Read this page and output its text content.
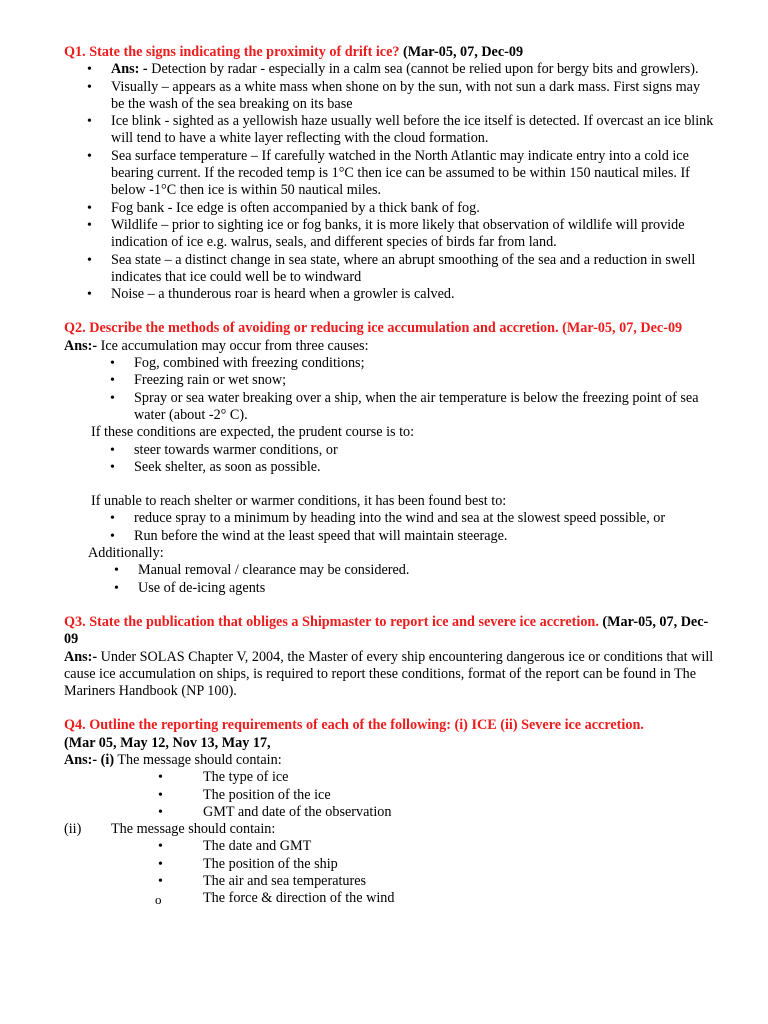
Q1. State the signs indicating the proximity of drift ice? (Mar-05, 07, Dec-09
• Ans: - Detection by radar - especially in a calm sea (cannot be relied upon for bergy bits and growlers).
• Visually – appears as a white mass when shone on by the sun, with not sun a dark mass. First signs may be the wash of the sea breaking on its base
• Ice blink - sighted as a yellowish haze usually well before the ice itself is detected. If overcast an ice blink will tend to have a white layer reflecting with the cloud formation.
• Sea surface temperature – If carefully watched in the North Atlantic may indicate entry into a cold ice bearing current. If the recoded temp is 1°C then ice can be assumed to be within 150 nautical miles. If below -1°C then ice is within 50 nautical miles.
• Fog bank - Ice edge is often accompanied by a thick bank of fog.
• Wildlife – prior to sighting ice or fog banks, it is more likely that observation of wildlife will provide indication of ice e.g. walrus, seals, and different species of birds far from land.
• Sea state – a distinct change in sea state, where an abrupt smoothing of the sea and a reduction in swell indicates that ice could well be to windward
• Noise – a thunderous roar is heard when a growler is calved.
Q2. Describe the methods of avoiding or reducing ice accumulation and accretion. (Mar-05, 07, Dec-09
Ans:- Ice accumulation may occur from three causes:
• Fog, combined with freezing conditions;
• Freezing rain or wet snow;
• Spray or sea water breaking over a ship, when the air temperature is below the freezing point of sea water (about -2° C).
If these conditions are expected, the prudent course is to:
• steer towards warmer conditions, or
• Seek shelter, as soon as possible.
If unable to reach shelter or warmer conditions, it has been found best to:
• reduce spray to a minimum by heading into the wind and sea at the slowest speed possible, or
• Run before the wind at the least speed that will maintain steerage.
Additionally:
• Manual removal / clearance may be considered.
• Use of de-icing agents
Q3. State the publication that obliges a Shipmaster to report ice and severe ice accretion. (Mar-05, 07, Dec-09
Ans:- Under SOLAS Chapter V, 2004, the Master of every ship encountering dangerous ice or conditions that will cause ice accumulation on ships, is required to report these conditions, format of the report can be found in The Mariners Handbook (NP 100).
Q4. Outline the reporting requirements of each of the following: (i) ICE (ii) Severe ice accretion.
(Mar 05, May 12, Nov 13, May 17,
Ans:- (i) The message should contain:
• The type of ice
• The position of the ice
• GMT and date of the observation
(ii) The message should contain:
• The date and GMT
• The position of the ship
• The air and sea temperatures
o The force & direction of the wind
